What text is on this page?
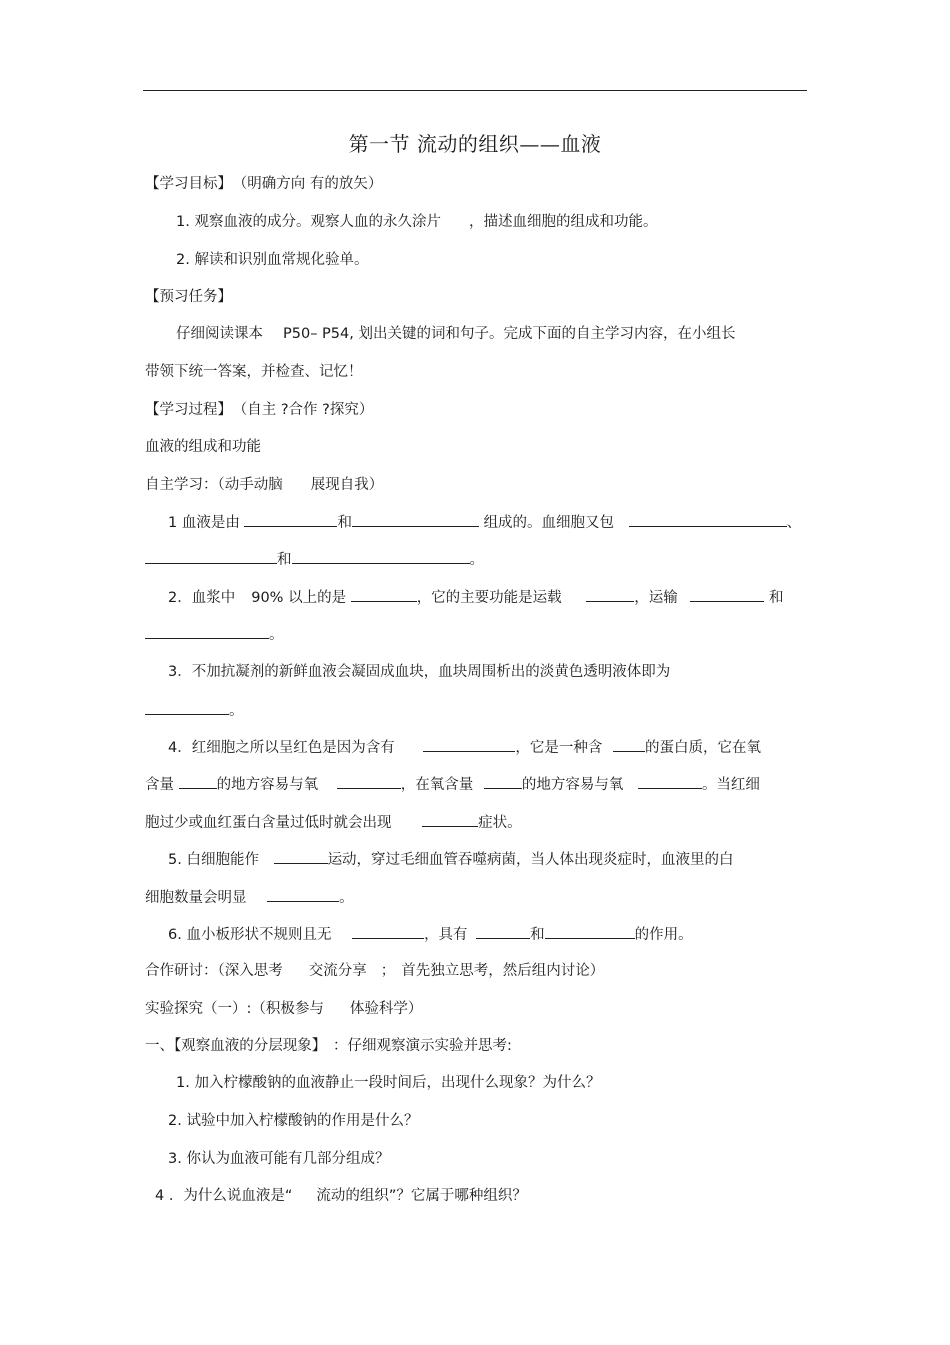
第一节 流动的组织——血液
【学习目标】 （明确方向 有的放矢）
1. 观察血液的成分。观察人血的永久涂片 ，描述血细胞的组成和功能。
2. 解读和识别血常规化验单。
【预习任务】
仔细阅读课本 P50– P54, 划出关键的词和句子。完成下面的自主学习内容，在小组长
带领下统一答案，并检查、记忆！
【学习过程】 （自主 ?合作 ?探究）
血液的组成和功能
自主学习：（动手动脑 展现自我）
1 血液是由	和	组成的。血细胞又包	、
和	。
2．血浆中 90% 以上的是	，它的主要功能是运载	，运输	和
。
3．不加抗凝剂的新鲜血液会凝固成血块，血块周围析出的淡黄色透明液体即为
。
4．红细胞之所以呈红色是因为含有	，它是一种含	的蛋白质，它在氧
含量	的地方容易与氧	，在氧含量	的地方容易与氧	。当红细
胞过少或血红蛋白含量过低时就会出现	症状。
5. 白细胞能作	运动，穿过毛细血管吞噬病菌，当人体出现炎症时，血液里的白
细胞数量会明显	。
6. 血小板形状不规则且无	，具有	和	的作用。
合作研讨：（深入思考 交流分享 ； 首先独立思考，然后组内讨论）
实验探究（一）:（积极参与 体验科学）
一、【观察血液的分层现象】 ：仔细观察演示实验并思考:
1. 加入柠檬酸钠的血液静止一段时间后，出现什么现象？为什么？
2. 试验中加入柠檬酸钠的作用是什么？
3. 你认为血液可能有几部分组成？
4 ．为什么说血液是“ 流动的组织”？它属于哪种组织？
